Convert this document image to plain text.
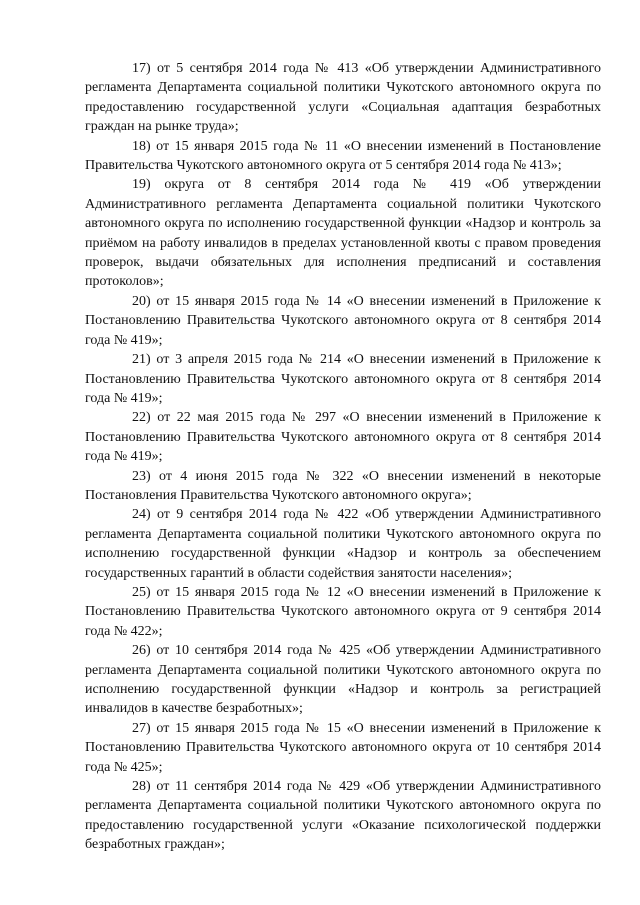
17) от 5 сентября 2014 года № 413 «Об утверждении Административного регламента Департамента социальной политики Чукотского автономного округа по предоставлению государственной услуги «Социальная адаптация безработных граждан на рынке труда»;

18) от 15 января 2015 года № 11 «О внесении изменений в Постановление Правительства Чукотского автономного округа от 5 сентября 2014 года № 413»;

19) округа от 8 сентября 2014 года № 419 «Об утверждении Административного регламента Департамента социальной политики Чукотского автономного округа по исполнению государственной функции «Надзор и контроль за приёмом на работу инвалидов в пределах установленной квоты с правом проведения проверок, выдачи обязательных для исполнения предписаний и составления протоколов»;

20) от 15 января 2015 года № 14 «О внесении изменений в Приложение к Постановлению Правительства Чукотского автономного округа от 8 сентября 2014 года № 419»;

21) от 3 апреля 2015 года № 214 «О внесении изменений в Приложение к Постановлению Правительства Чукотского автономного округа от 8 сентября 2014 года № 419»;

22) от 22 мая 2015 года № 297 «О внесении изменений в Приложение к Постановлению Правительства Чукотского автономного округа от 8 сентября 2014 года № 419»;

23) от 4 июня 2015 года № 322 «О внесении изменений в некоторые Постановления Правительства Чукотского автономного округа»;

24) от 9 сентября 2014 года № 422 «Об утверждении Административного регламента Департамента социальной политики Чукотского автономного округа по исполнению государственной функции «Надзор и контроль за обеспечением государственных гарантий в области содействия занятости населения»;

25) от 15 января 2015 года № 12 «О внесении изменений в Приложение к Постановлению Правительства Чукотского автономного округа от 9 сентября 2014 года № 422»;

26) от 10 сентября 2014 года № 425 «Об утверждении Административного регламента Департамента социальной политики Чукотского автономного округа по исполнению государственной функции «Надзор и контроль за регистрацией инвалидов в качестве безработных»;

27) от 15 января 2015 года № 15 «О внесении изменений в Приложение к Постановлению Правительства Чукотского автономного округа от 10 сентября 2014 года № 425»;

28) от 11 сентября 2014 года № 429 «Об утверждении Административного регламента Департамента социальной политики Чукотского автономного округа по предоставлению государственной услуги «Оказание психологической поддержки безработных граждан»;
